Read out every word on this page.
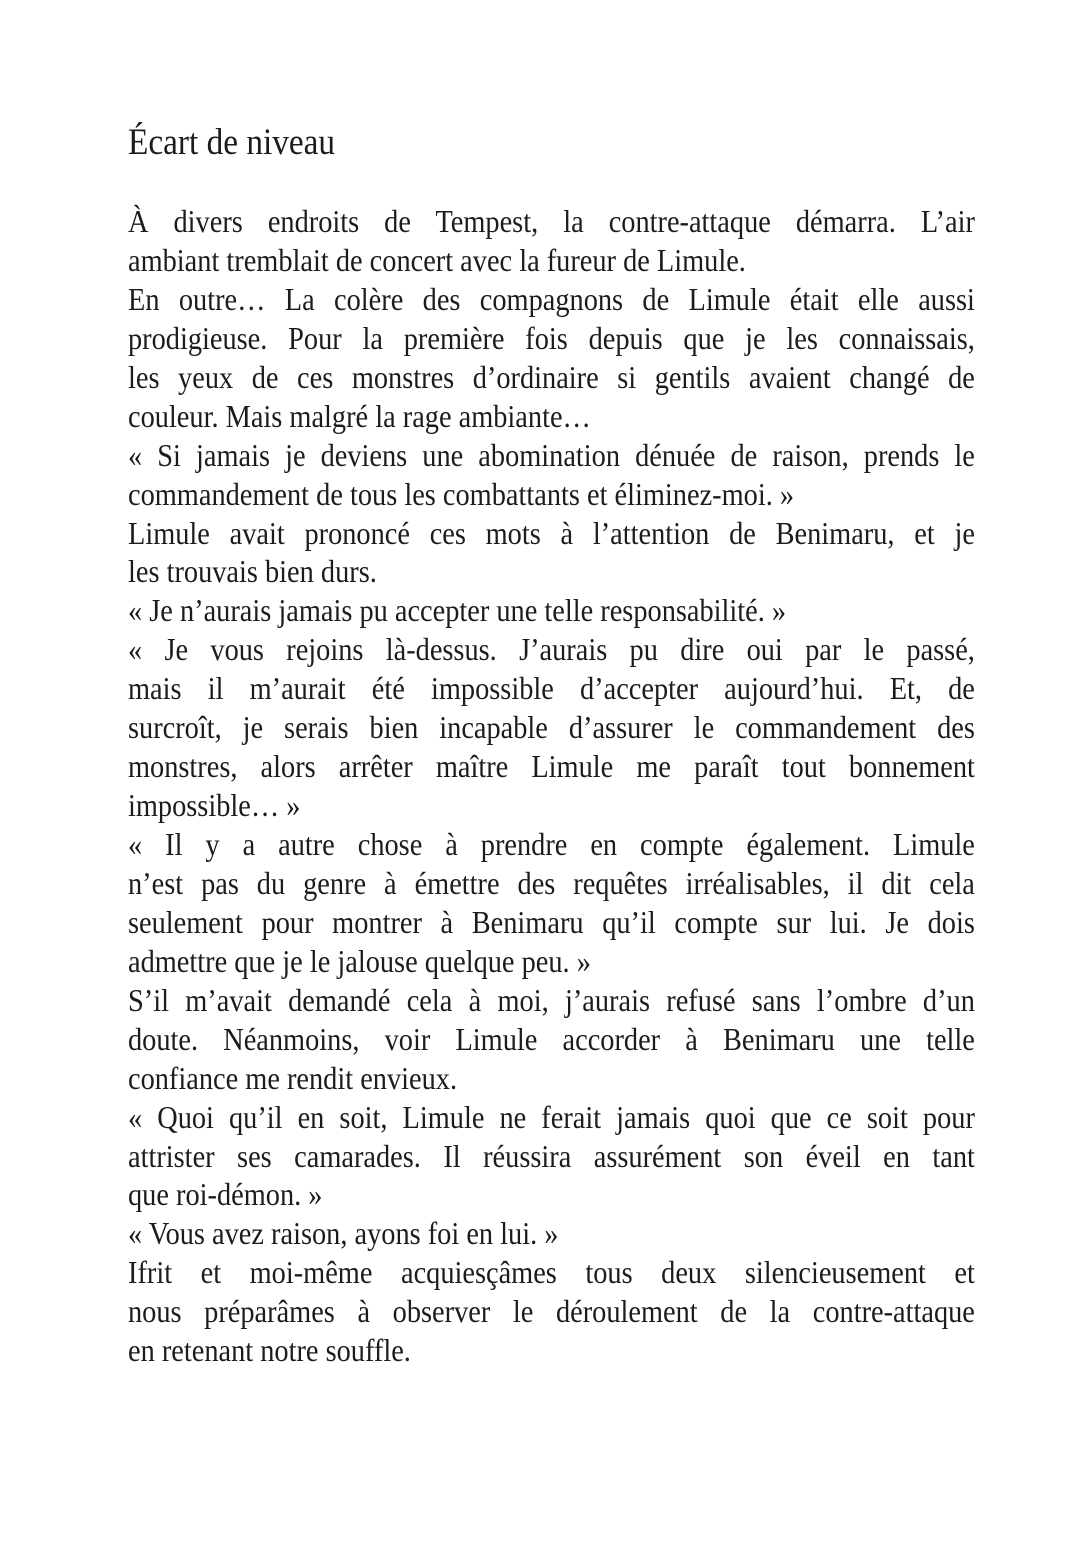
Écart de niveau
À divers endroits de Tempest, la contre-attaque démarra. L’air
ambiant tremblait de concert avec la fureur de Limule.
En outre… La colère des compagnons de Limule était elle aussi
prodigieuse. Pour la première fois depuis que je les connaissais,
les yeux de ces monstres d’ordinaire si gentils avaient changé de
couleur. Mais malgré la rage ambiante…
« Si jamais je deviens une abomination dénuée de raison, prends le
commandement de tous les combattants et éliminez-moi. »
Limule avait prononcé ces mots à l’attention de Benimaru, et je
les trouvais bien durs.
« Je n’aurais jamais pu accepter une telle responsabilité. »
« Je vous rejoins là-dessus. J’aurais pu dire oui par le passé,
mais il m’aurait été impossible d’accepter aujourd’hui. Et, de
surcroît, je serais bien incapable d’assurer le commandement des
monstres, alors arrêter maître Limule me paraît tout bonnement
impossible… »
« Il y a autre chose à prendre en compte également. Limule
n’est pas du genre à émettre des requêtes irréalisables, il dit cela
seulement pour montrer à Benimaru qu’il compte sur lui. Je dois
admettre que je le jalouse quelque peu. »
S’il m’avait demandé cela à moi, j’aurais refusé sans l’ombre d’un
doute. Néanmoins, voir Limule accorder à Benimaru une telle
confiance me rendit envieux.
« Quoi qu’il en soit, Limule ne ferait jamais quoi que ce soit pour
attrister ses camarades. Il réussira assurément son éveil en tant
que roi-démon. »
« Vous avez raison, ayons foi en lui. »
Ifrit et moi-même acquiesçâmes tous deux silencieusement et
nous préparâmes à observer le déroulement de la contre-attaque
en retenant notre souffle.
